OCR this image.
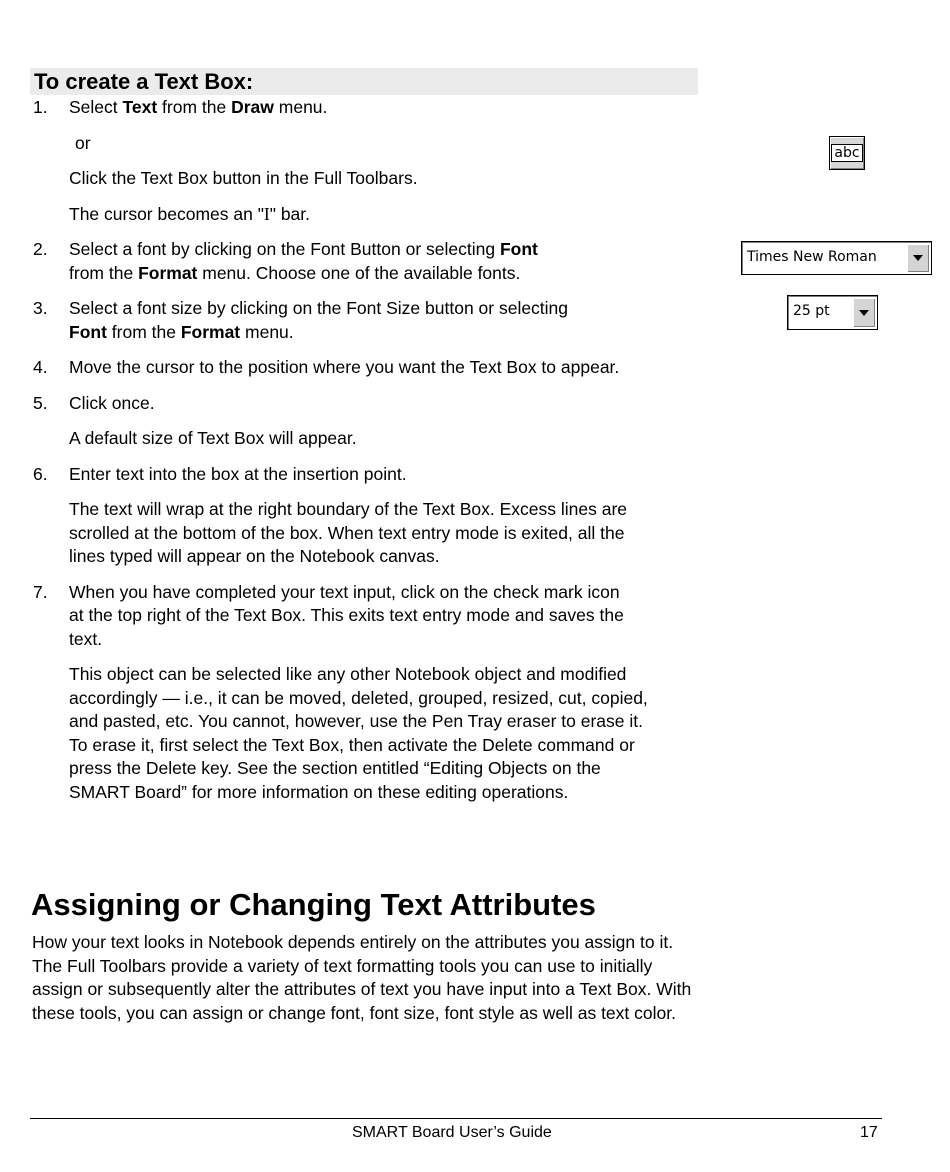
To create a Text Box:
1. Select Text from the Draw menu.
or
Click the Text Box button in the Full Toolbars.
The cursor becomes an "I" bar.
2. Select a font by clicking on the Font Button or selecting Font
from the Format menu. Choose one of the available fonts.
3. Select a font size by clicking on the Font Size button or selecting
Font from the Format menu.
4. Move the cursor to the position where you want the Text Box to appear.
5. Click once.
A default size of Text Box will appear.
6. Enter text into the box at the insertion point.
The text will wrap at the right boundary of the Text Box. Excess lines are scrolled at the bottom of the box. When text entry mode is exited, all the lines typed will appear on the Notebook canvas.
7. When you have completed your text input, click on the check mark icon at the top right of the Text Box. This exits text entry mode and saves the text.
This object can be selected like any other Notebook object and modified accordingly — i.e., it can be moved, deleted, grouped, resized, cut, copied, and pasted, etc. You cannot, however, use the Pen Tray eraser to erase it. To erase it, first select the Text Box, then activate the Delete command or press the Delete key. See the section entitled “Editing Objects on the SMART Board” for more information on these editing operations.
abc
Times New Roman
25 pt
Assigning or Changing Text Attributes
How your text looks in Notebook depends entirely on the attributes you assign to it. The Full Toolbars provide a variety of text formatting tools you can use to initially assign or subsequently alter the attributes of text you have input into a Text Box. With these tools, you can assign or change font, font size, font style as well as text color.
SMART Board User’s Guide	17
